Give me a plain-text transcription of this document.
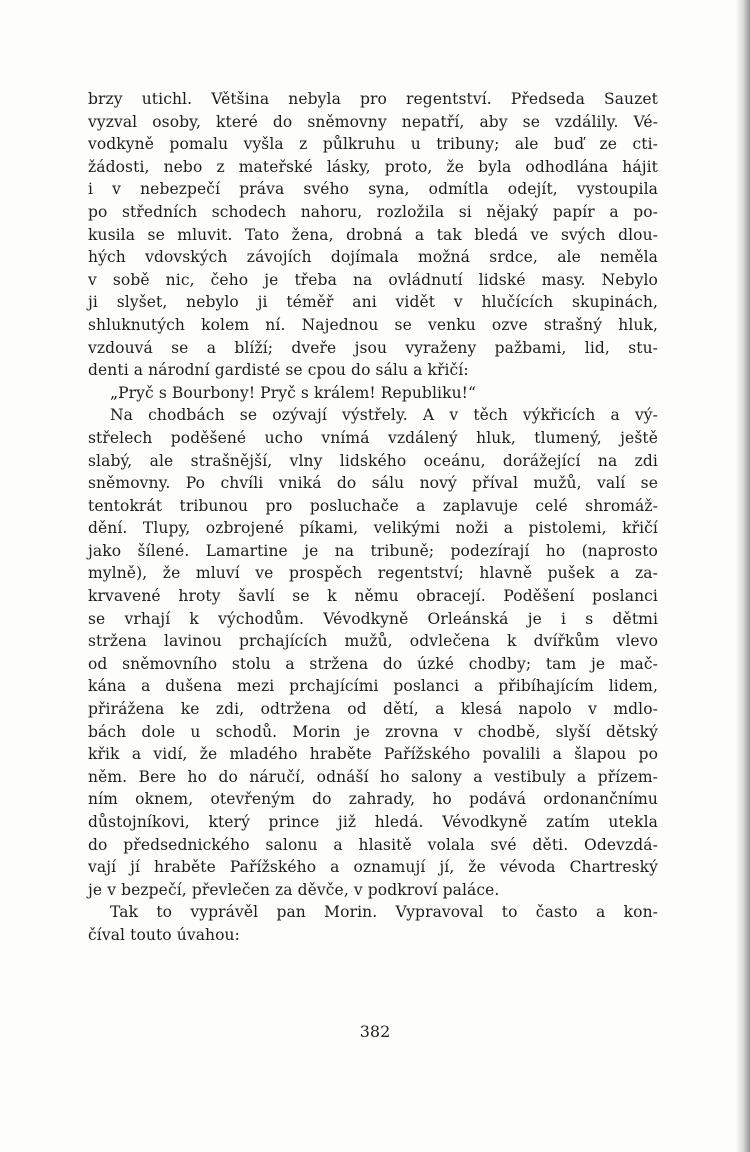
brzy utichl. Většina nebyla pro regentství. Předseda Sauzet
vyzval osoby, které do sněmovny nepatří, aby se vzdálily. Vé-
vodkyně pomalu vyšla z půlkruhu u tribuny; ale buď ze cti-
žádosti, nebo z mateřské lásky, proto, že byla odhodlána hájit
i v nebezpečí práva svého syna, odmítla odejít, vystoupila
po středních schodech nahoru, rozložila si nějaký papír a po-
kusila se mluvit. Tato žena, drobná a tak bledá ve svých dlou-
hých vdovských závojích dojímala možná srdce, ale neměla
v sobě nic, čeho je třeba na ovládnutí lidské masy. Nebylo
ji slyšet, nebylo ji téměř ani vidět v hlučících skupinách,
shluknutých kolem ní. Najednou se venku ozve strašný hluk,
vzdouvá se a blíží; dveře jsou vyraženy pažbami, lid, stu-
denti a národní gardisté se cpou do sálu a křičí:

„Pryč s Bourbony! Pryč s králem! Republiku!“

Na chodbách se ozývají výstřely. A v těch výkřicích a vý-
střelech poděšené ucho vnímá vzdálený hluk, tlumený, ještě
slabý, ale strašnější, vlny lidského oceánu, dorážející na zdi
sněmovny. Po chvíli vniká do sálu nový příval mužů, valí se
tentokrát tribunou pro posluchače a zaplavuje celé shromáž-
dění. Tlupy, ozbrojené píkami, velikými noži a pistolemi, křičí
jako šílené. Lamartine je na tribuně; podezírají ho (naprosto
mylně), že mluví ve prospěch regentství; hlavně pušek a za-
krvavené hroty šavlí se k němu obracejí. Poděšení poslanci
se vrhají k východům. Vévodkyně Orleánská je i s dětmi
stržena lavinou prchajících mužů, odvlečena k dvířkům vlevo
od sněmovního stolu a stržena do úzké chodby; tam je mač-
kána a dušena mezi prchajícími poslanci a přibíhajícím lidem,
přirážena ke zdi, odtržena od dětí, a klesá napolo v mdlo-
bách dole u schodů. Morin je zrovna v chodbě, slyší dětský
křik a vidí, že mladého hraběte Pařížského povalili a šlapou po
něm. Bere ho do náručí, odnáší ho salony a vestibuly a přízem-
ním oknem, otevřeným do zahrady, ho podává ordonančnímu
důstojníkovi, který prince již hledá. Vévodkyně zatím utekla
do předsednického salonu a hlasitě volala své děti. Odevzdá-
vají jí hraběte Pařížského a oznamují jí, že vévoda Chartreský
je v bezpečí, převlečen za děvče, v podkroví paláce.

Tak to vyprávěl pan Morin. Vypravoval to často a kon-
číval touto úvahou:

382
